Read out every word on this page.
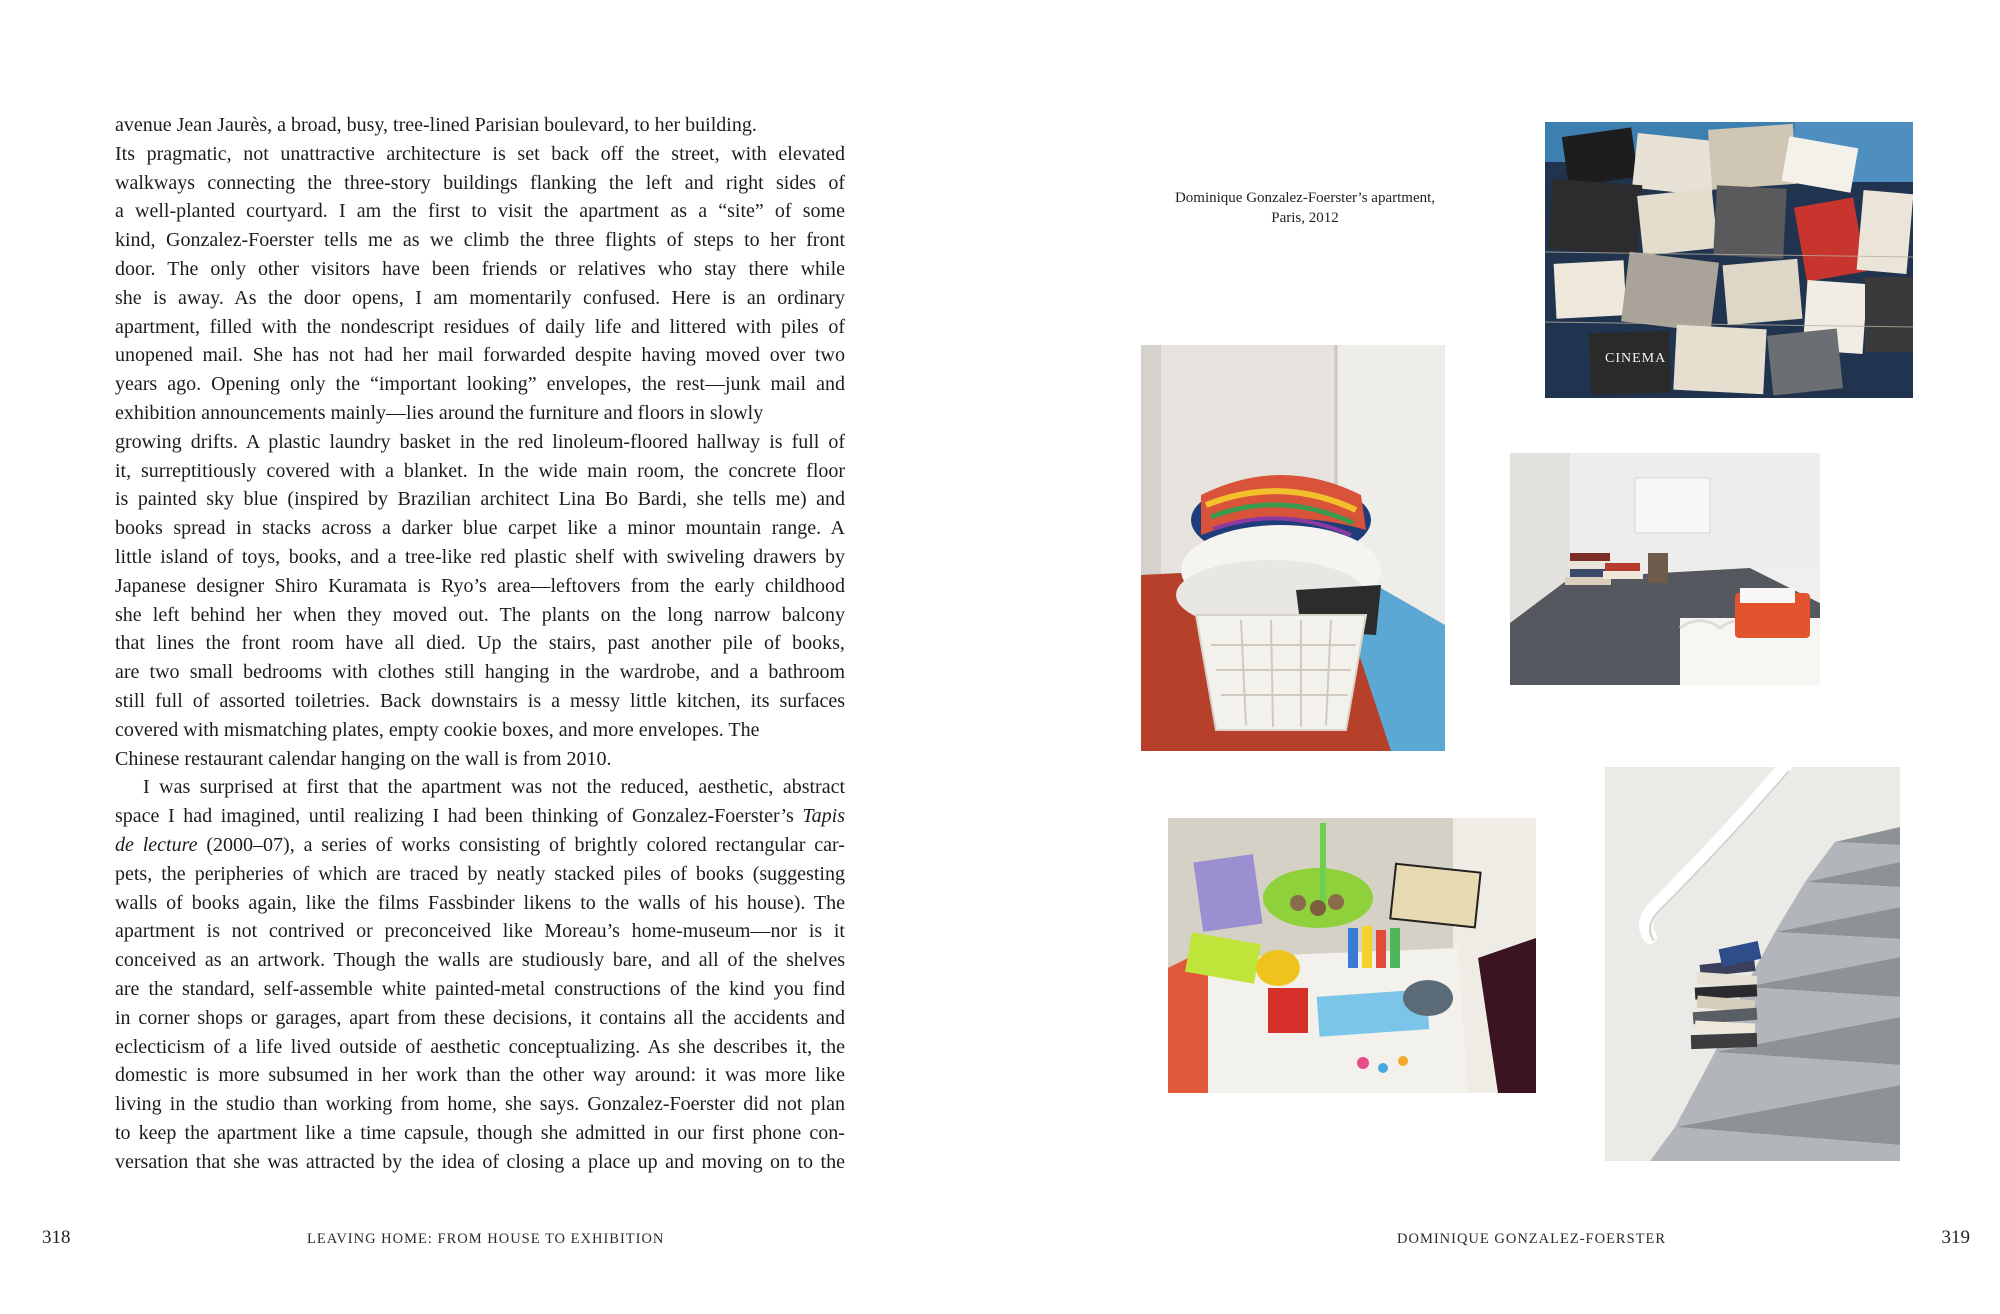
avenue Jean Jaurès, a broad, busy, tree-lined Parisian boulevard, to her building.
Its pragmatic, not unattractive architecture is set back off the street, with elevated
walkways connecting the three-story buildings flanking the left and right sides of
a well-planted courtyard. I am the first to visit the apartment as a “site” of some
kind, Gonzalez-Foerster tells me as we climb the three flights of steps to her front
door. The only other visitors have been friends or relatives who stay there while
she is away. As the door opens, I am momentarily confused. Here is an ordinary
apartment, filled with the nondescript residues of daily life and littered with piles of
unopened mail. She has not had her mail forwarded despite having moved over two
years ago. Opening only the “important looking” envelopes, the rest—junk mail and
exhibition announcements mainly—lies around the furniture and floors in slowly
growing drifts. A plastic laundry basket in the red linoleum-floored hallway is full of
it, surreptitiously covered with a blanket. In the wide main room, the concrete floor
is painted sky blue (inspired by Brazilian architect Lina Bo Bardi, she tells me) and
books spread in stacks across a darker blue carpet like a minor mountain range. A
little island of toys, books, and a tree-like red plastic shelf with swiveling drawers by
Japanese designer Shiro Kuramata is Ryo’s area—leftovers from the early childhood
she left behind her when they moved out. The plants on the long narrow balcony
that lines the front room have all died. Up the stairs, past another pile of books,
are two small bedrooms with clothes still hanging in the wardrobe, and a bathroom
still full of assorted toiletries. Back downstairs is a messy little kitchen, its surfaces
covered with mismatching plates, empty cookie boxes, and more envelopes. The
Chinese restaurant calendar hanging on the wall is from 2010.
I was surprised at first that the apartment was not the reduced, aesthetic, abstract
space I had imagined, until realizing I had been thinking of Gonzalez-Foerster’s Tapis
de lecture (2000–07), a series of works consisting of brightly colored rectangular car-
pets, the peripheries of which are traced by neatly stacked piles of books (suggesting
walls of books again, like the films Fassbinder likens to the walls of his house). The
apartment is not contrived or preconceived like Moreau’s home-museum—nor is it
conceived as an artwork. Though the walls are studiously bare, and all of the shelves
are the standard, self-assemble white painted-metal constructions of the kind you find
in corner shops or garages, apart from these decisions, it contains all the accidents and
eclecticism of a life lived outside of aesthetic conceptualizing. As she describes it, the
domestic is more subsumed in her work than the other way around: it was more like
living in the studio than working from home, she says. Gonzalez-Foerster did not plan
to keep the apartment like a time capsule, though she admitted in our first phone con-
versation that she was attracted by the idea of closing a place up and moving on to the
318	LEAVING HOME: FROM HOUSE TO EXHIBITION
Dominique Gonzalez-Foerster’s apartment,
Paris, 2012
CINEMA
319
DOMINIQUE GONZALEZ-FOERSTER
